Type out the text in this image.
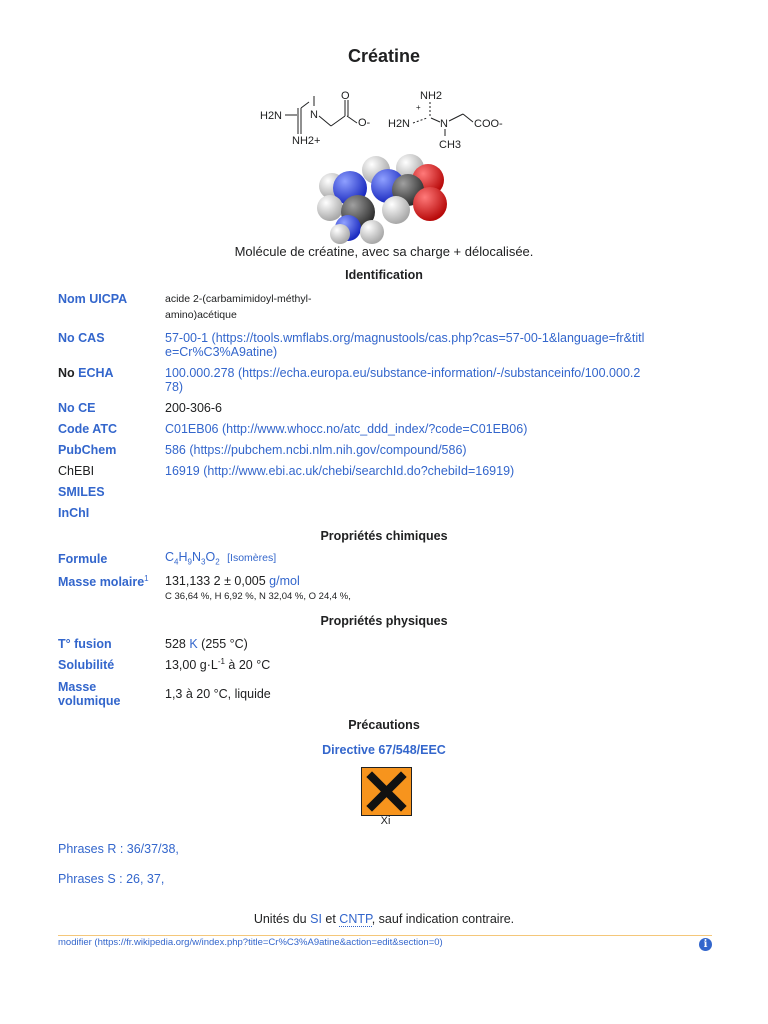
Créatine
H2N
NH2+
N
O
O-
NH2
+
H2N	N COO-
CH3
Molécule de créatine, avec sa charge + délocalisée.
Identification
Nom UICPA	acide 2-(carbamimidoyl-méthyl-
amino)acétique
No CAS	57-00-1 (https://tools.wmflabs.org/magnustools/cas.php?cas=57-00-1&language=fr&titl
e=Cr%C3%A9atine)
No ECHA	100.000.278 (https://echa.europa.eu/substance-information/-/substanceinfo/100.000.2
78)
No CE	200-306-6
Code ATC	C01EB06 (http://www.whocc.no/atc_ddd_index/?code=C01EB06)
PubChem	586 (https://pubchem.ncbi.nlm.nih.gov/compound/586)
ChEBI	16919 (http://www.ebi.ac.uk/chebi/searchId.do?chebiId=16919)
SMILES
InChI
Propriétés chimiques
Formule	$C_4H_9N_3O_2$ [Isomères]
Masse molaire$^1$ 131,133 2 ± 0,005 g/mol
C 36,64 %, H 6,92 %, N 32,04 %, O 24,4 %,
Propriétés physiques
T° fusion	528 K (255 °C)
Solubilité	13,00 $g\cdot L^{-1}$ à 20 °C
Masse
volumique	1,3 à 20 °C, liquide
Précautions
Directive 67/548/EEC
Xi
Phrases R : 36/37/38,
Phrases S : 26, 37,
Unités du SI et CNTP, sauf indication contraire.
modifier (https://fr.wikipedia.org/w/index.php?title=Cr%C3%A9atine&action=edit&section=0)	i
